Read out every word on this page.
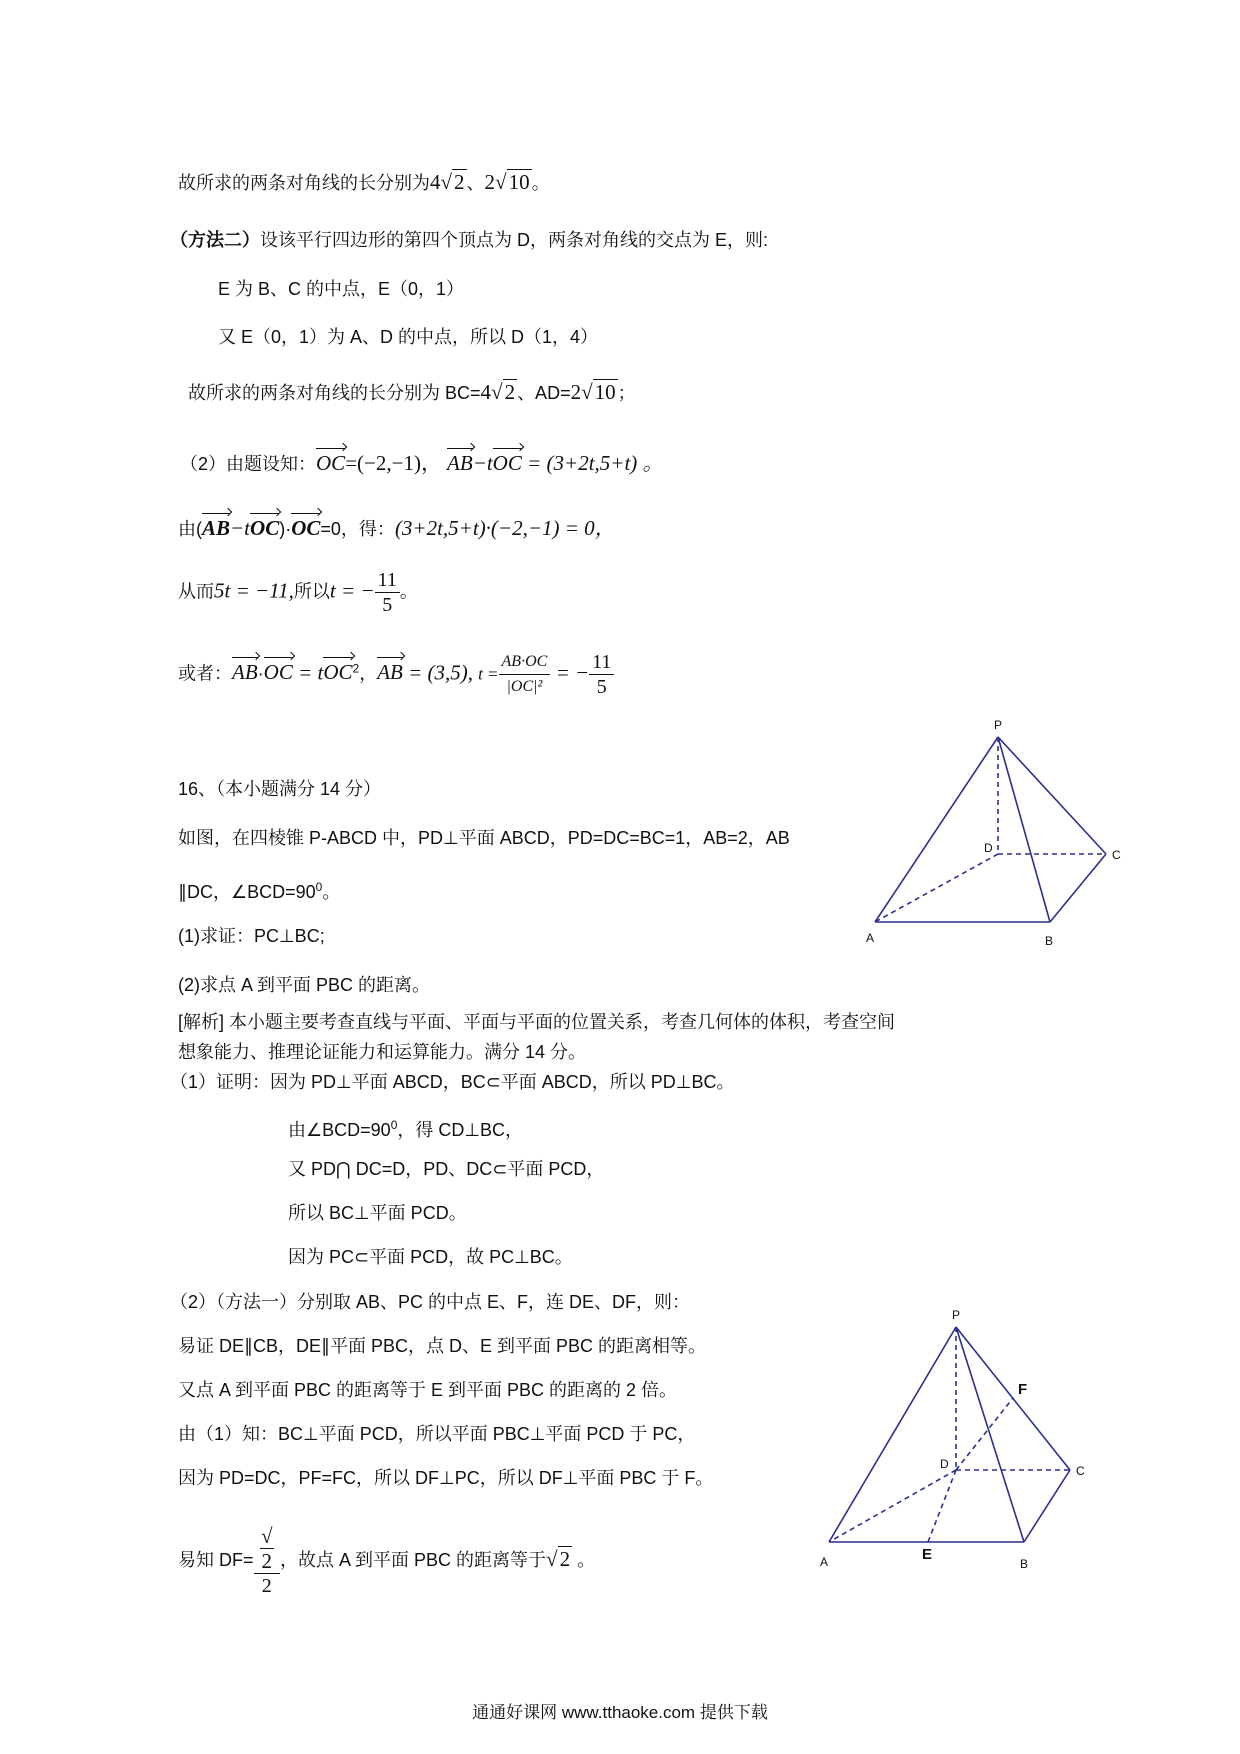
故所求的两条对角线的长分别为4√2 、2√10 。
（方法二）设该平行四边形的第四个顶点为 D，两条对角线的交点为 E，则:
E 为 B、C 的中点，E（0，1）
又 E（0，1）为 A、D 的中点，所以 D（1，4）
故所求的两条对角线的长分别为 BC=4√2 、AD=2√10 ；
（2）由题设知：OC=(−2,−1)， AB−tOC = (3+2t,5+t) 。
由(AB−tOC)·OC=0，得：(3+2t,5+t)·(−2,−1) = 0，
从而5t = −11,所以t = − $\frac{11}{5}$ 。
或者：AB·OC = tOC$^2$，AB = (3,5), $t = \frac{AB\cdot OC}{\text{|OC|²}}$ = − $\frac{11}{5}$
P
D	C
A	B
16、（本小题满分 14 分）
如图，在四棱锥 P-ABCD 中，PD⊥平面 ABCD，PD=DC=BC=1，AB=2，AB
∥DC，$\angle BCD=90^0$。
(1)求证：PC⊥BC;
(2)求点 A 到平面 PBC 的距离。
[解析] 本小题主要考查直线与平面、平面与平面的位置关系，考查几何体的体积，考查空间
想象能力、推理论证能力和运算能力。满分 14 分。
（1）证明：因为 PD⊥平面 ABCD，BC⊂平面 ABCD，所以 PD⊥BC。
由$\angle BCD=90^0$，得 CD⊥BC，
又 PD⋂ DC=D，PD、DC⊂平面 PCD，
所以 BC⊥平面 PCD。
因为 PC⊂平面 PCD，故 PC⊥BC。
（2）（方法一）分别取 AB、PC 的中点 E、F，连 DE、DF，则：
易证 DE∥CB，DE∥平面 PBC，点 D、E 到平面 PBC 的距离相等。
又点 A 到平面 PBC 的距离等于 E 到平面 PBC 的距离的 2 倍。
由（1）知：BC⊥平面 PCD，所以平面 PBC⊥平面 PCD 于 PC，
因为 PD=DC，PF=FC，所以 DF⊥PC，所以 DF⊥平面 PBC 于 F。
易知 DF= √
2
2 ，故点 A 到平面 PBC 的距离等于√2 。
P
F
D	C
A	E
B
通通好课网 www.tthaoke.com 提供下载
